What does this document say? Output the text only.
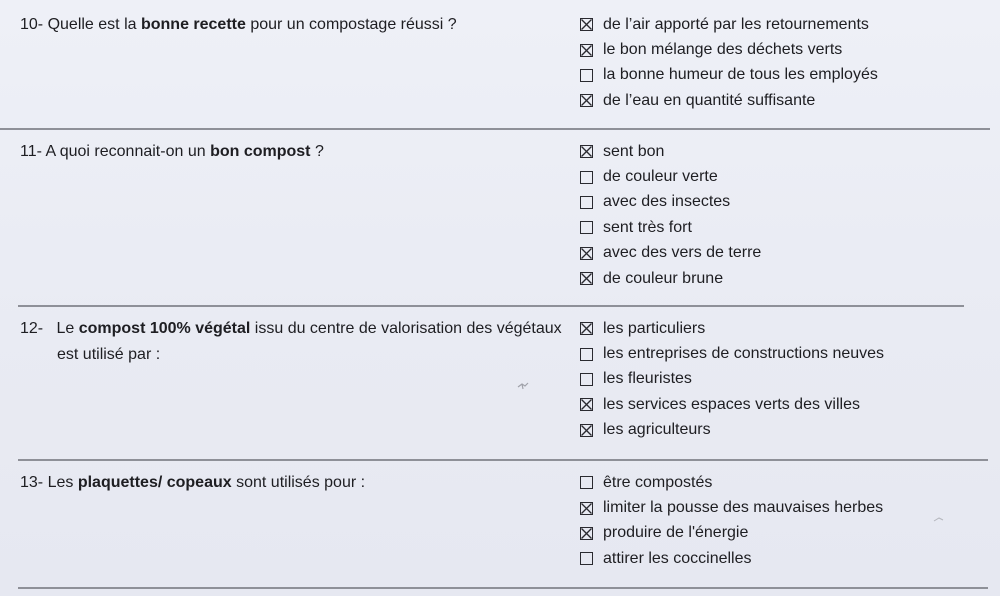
10- Quelle est la bonne recette pour un compostage réussi ?	de l’air apporté par les retournements
le bon mélange des déchets verts
la bonne humeur de tous les employés
de l’eau en quantité suffisante
11- A quoi reconnait-on un bon compost ?	sent bon
de couleur verte
avec des insectes
sent très fort
avec des vers de terre
de couleur brune
12- Le compost 100% végétal issu du centre de valorisation des végétaux
est utilisé par :
les particuliers
les entreprises de constructions neuves
les fleuristes
les services espaces verts des villes
les agriculteurs
13- Les plaquettes/ copeaux sont utilisés pour :	être compostés
limiter la pousse des mauvaises herbes
produire de l'énergie
attirer les coccinelles
